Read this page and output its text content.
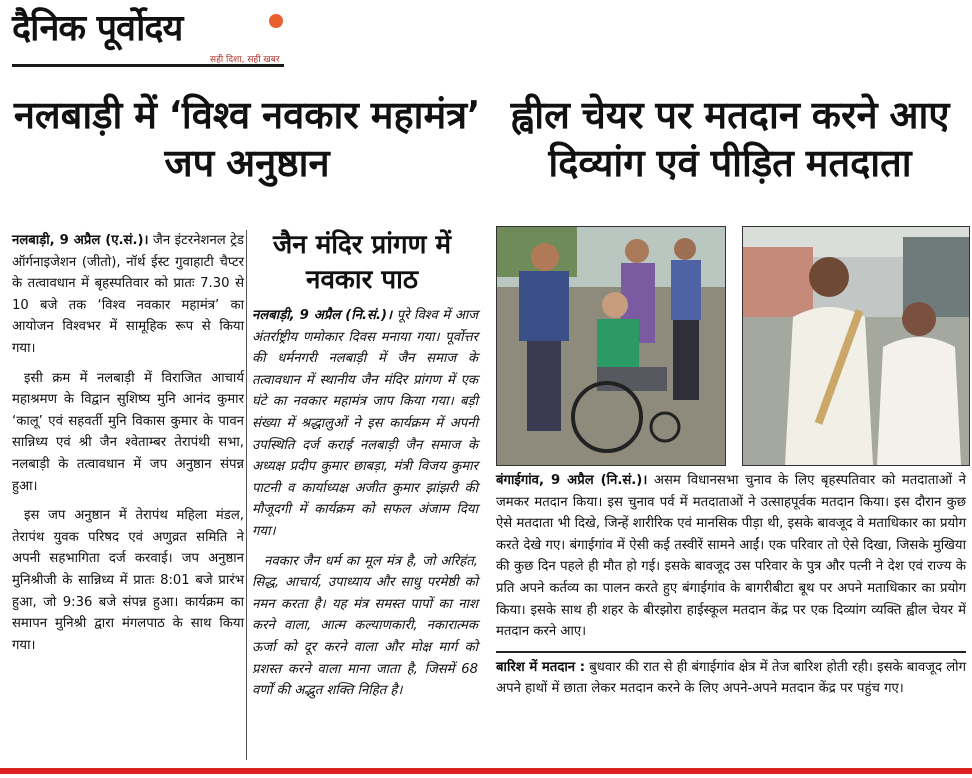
दैनिक पूर्वोदय
सही दिशा, सही खबर
नलबाड़ी में ‘विश्व नवकार महामंत्र’ जप अनुष्ठान
ह्वील चेयर पर मतदान करने आए दिव्यांग एवं पीड़ित मतदाता

नलबाड़ी, 9 अप्रैल (ए.सं.)। जैन इंटरनेशनल ट्रेड ऑर्गनाइजेशन (जीतो), नॉर्थ ईस्ट गुवाहाटी चैप्टर के तत्वावधान में बृहस्पतिवार को प्रातः 7.30 से 10 बजे तक ‘विश्व नवकार महामंत्र’ का आयोजन विश्वभर में सामूहिक रूप से किया गया।

इसी क्रम में नलबाड़ी में विराजित आचार्य महाश्रमण के विद्वान सुशिष्य मुनि आनंद कुमार ‘कालू’ एवं सहवर्ती मुनि विकास कुमार के पावन सान्निध्य एवं श्री जैन श्वेताम्बर तेरापंथी सभा, नलबाड़ी के तत्वावधान में जप अनुष्ठान संपन्न हुआ।

इस जप अनुष्ठान में तेरापंथ महिला मंडल, तेरापंथ युवक परिषद एवं अणुव्रत समिति ने अपनी सहभागिता दर्ज करवाई। जप अनुष्ठान मुनिश्रीजी के सान्निध्य में प्रातः 8:01 बजे प्रारंभ हुआ, जो 9:36 बजे संपन्न हुआ। कार्यक्रम का समापन मुनिश्री द्वारा मंगलपाठ के साथ किया गया।

जैन मंदिर प्रांगण में नवकार पाठ

नलबाड़ी, 9 अप्रैल (नि.सं.)। पूरे विश्व में आज अंतर्राष्ट्रीय णमोकार दिवस मनाया गया। पूर्वोत्तर की धर्मनगरी नलबाड़ी में जैन समाज के तत्वावधान में स्थानीय जैन मंदिर प्रांगण में एक घंटे का नवकार महामंत्र जाप किया गया। बड़ी संख्या में श्रद्धालुओं ने इस कार्यक्रम में अपनी उपस्थिति दर्ज कराई नलबाड़ी जैन समाज के अध्यक्ष प्रदीप कुमार छाबड़ा, मंत्री विजय कुमार पाटनी व कार्याध्यक्ष अजीत कुमार झांझरी की मौजूदगी में कार्यक्रम को सफल अंजाम दिया गया।

नवकार जैन धर्म का मूल मंत्र है, जो अरिहंत, सिद्ध, आचार्य, उपाध्याय और साधु परमेष्ठी को नमन करता है। यह मंत्र समस्त पापों का नाश करने वाला, आत्म कल्याणकारी, नकारात्मक ऊर्जा को दूर करने वाला और मोक्ष मार्ग को प्रशस्त करने वाला माना जाता है, जिसमें 68 वर्णों की अद्भुत शक्ति निहित है।

बंगाईगांव, 9 अप्रैल (नि.सं.)। असम विधानसभा चुनाव के लिए बृहस्पतिवार को मतदाताओं ने जमकर मतदान किया। इस चुनाव पर्व में मतदाताओं ने उत्साहपूर्वक मतदान किया। इस दौरान कुछ ऐसे मतदाता भी दिखे, जिन्हें शारीरिक एवं मानसिक पीड़ा थी, इसके बावजूद वे मताधिकार का प्रयोग करते देखे गए। बंगाईगांव में ऐसी कई तस्वीरें सामने आईं। एक परिवार तो ऐसे दिखा, जिसके मुखिया की कुछ दिन पहले ही मौत हो गई। इसके बावजूद उस परिवार के पुत्र और पत्नी ने देश एवं राज्य के प्रति अपने कर्तव्य का पालन करते हुए बंगाईगांव के बागरीबीटा बूथ पर अपने मताधिकार का प्रयोग किया। इसके साथ ही शहर के बीरझोरा हाईस्कूल मतदान केंद्र पर एक दिव्यांग व्यक्ति ह्वील चेयर में मतदान करने आए।

बारिश में मतदान : बुधवार की रात से ही बंगाईगांव क्षेत्र में तेज बारिश होती रही। इसके बावजूद लोग अपने हाथों में छाता लेकर मतदान करने के लिए अपने-अपने मतदान केंद्र पर पहुंच गए।
